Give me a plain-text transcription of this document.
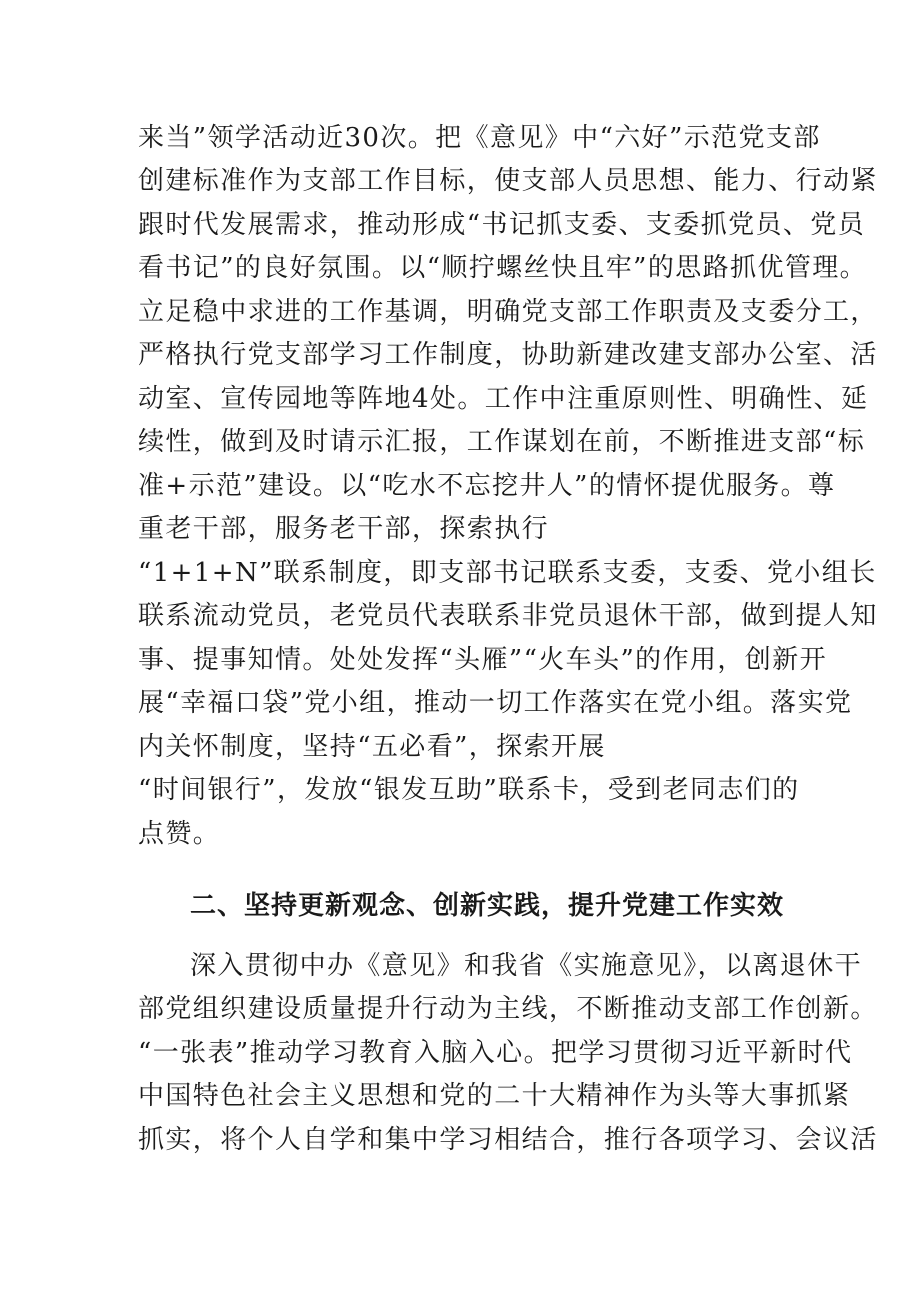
来当”领学活动近30次。把《意见》中“六好”示范党支部
创建标准作为支部工作目标，使支部人员思想、能力、行动紧
跟时代发展需求，推动形成“书记抓支委、支委抓党员、党员
看书记”的良好氛围。以“顺拧螺丝快且牢”的思路抓优管理。
立足稳中求进的工作基调，明确党支部工作职责及支委分工，
严格执行党支部学习工作制度，协助新建改建支部办公室、活
动室、宣传园地等阵地4处。工作中注重原则性、明确性、延
续性，做到及时请示汇报，工作谋划在前，不断推进支部“标
准+示范”建设。以“吃水不忘挖井人”的情怀提优服务。尊
重老干部，服务老干部，探索执行
“1+1+N”联系制度，即支部书记联系支委，支委、党小组长
联系流动党员，老党员代表联系非党员退休干部，做到提人知
事、提事知情。处处发挥“头雁”“火车头”的作用，创新开
展“幸福口袋”党小组，推动一切工作落实在党小组。落实党
内关怀制度，坚持“五必看”，探索开展
“时间银行”，发放“银发互助”联系卡，受到老同志们的
点赞。
二、坚持更新观念、创新实践，提升党建工作实效
深入贯彻中办《意见》和我省《实施意见》，以离退休干
部党组织建设质量提升行动为主线，不断推动支部工作创新。
“一张表”推动学习教育入脑入心。把学习贯彻习近平新时代
中国特色社会主义思想和党的二十大精神作为头等大事抓紧
抓实，将个人自学和集中学习相结合，推行各项学习、会议活
